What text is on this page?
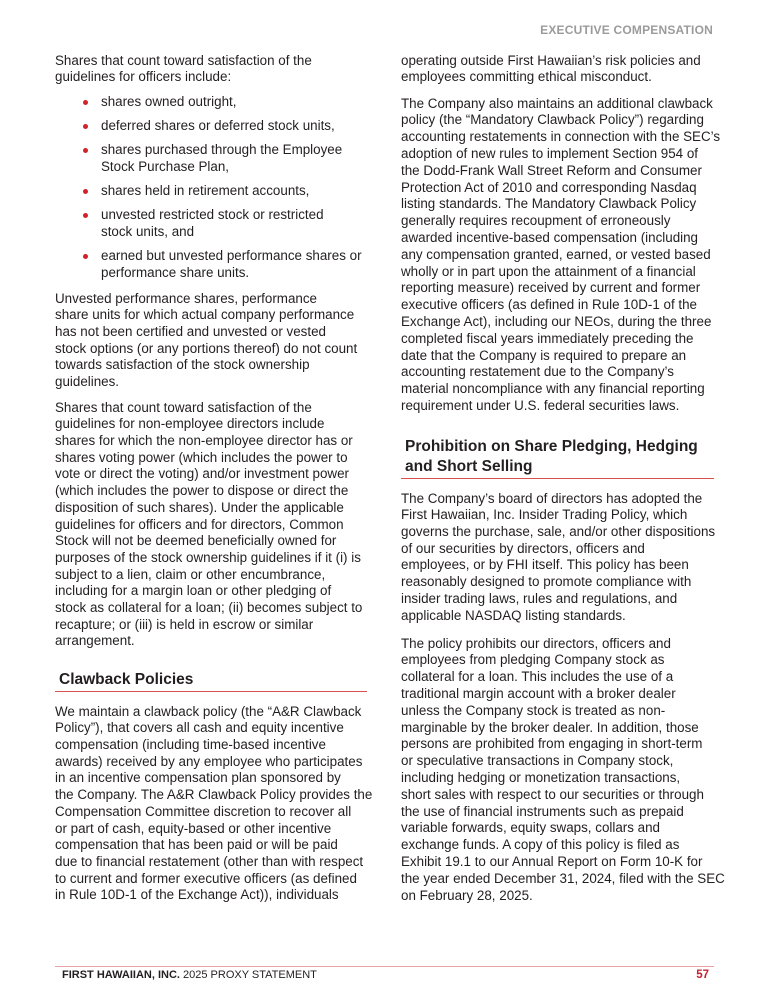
EXECUTIVE COMPENSATION
Shares that count toward satisfaction of the
guidelines for officers include:
shares owned outright,
deferred shares or deferred stock units,
shares purchased through the Employee
Stock Purchase Plan,
shares held in retirement accounts,
unvested restricted stock or restricted
stock units, and
earned but unvested performance shares or
performance share units.
Unvested performance shares, performance
share units for which actual company performance
has not been certified and unvested or vested
stock options (or any portions thereof) do not count
towards satisfaction of the stock ownership
guidelines.
Shares that count toward satisfaction of the
guidelines for non-employee directors include
shares for which the non-employee director has or
shares voting power (which includes the power to
vote or direct the voting) and/or investment power
(which includes the power to dispose or direct the
disposition of such shares). Under the applicable
guidelines for officers and for directors, Common
Stock will not be deemed beneficially owned for
purposes of the stock ownership guidelines if it (i) is
subject to a lien, claim or other encumbrance,
including for a margin loan or other pledging of
stock as collateral for a loan; (ii) becomes subject to
recapture; or (iii) is held in escrow or similar
arrangement.
Clawback Policies
We maintain a clawback policy (the “A&R Clawback
Policy”), that covers all cash and equity incentive
compensation (including time-based incentive
awards) received by any employee who participates
in an incentive compensation plan sponsored by
the Company. The A&R Clawback Policy provides the
Compensation Committee discretion to recover all
or part of cash, equity-based or other incentive
compensation that has been paid or will be paid
due to financial restatement (other than with respect
to current and former executive officers (as defined
in Rule 10D-1 of the Exchange Act)), individuals
operating outside First Hawaiian’s risk policies and
employees committing ethical misconduct.
The Company also maintains an additional clawback
policy (the “Mandatory Clawback Policy”) regarding
accounting restatements in connection with the SEC’s
adoption of new rules to implement Section 954 of
the Dodd-Frank Wall Street Reform and Consumer
Protection Act of 2010 and corresponding Nasdaq
listing standards. The Mandatory Clawback Policy
generally requires recoupment of erroneously
awarded incentive-based compensation (including
any compensation granted, earned, or vested based
wholly or in part upon the attainment of a financial
reporting measure) received by current and former
executive officers (as defined in Rule 10D-1 of the
Exchange Act), including our NEOs, during the three
completed fiscal years immediately preceding the
date that the Company is required to prepare an
accounting restatement due to the Company’s
material noncompliance with any financial reporting
requirement under U.S. federal securities laws.
Prohibition on Share Pledging, Hedging
and Short Selling
The Company’s board of directors has adopted the
First Hawaiian, Inc. Insider Trading Policy, which
governs the purchase, sale, and/or other dispositions
of our securities by directors, officers and
employees, or by FHI itself. This policy has been
reasonably designed to promote compliance with
insider trading laws, rules and regulations, and
applicable NASDAQ listing standards.
The policy prohibits our directors, officers and
employees from pledging Company stock as
collateral for a loan. This includes the use of a
traditional margin account with a broker dealer
unless the Company stock is treated as non-
marginable by the broker dealer. In addition, those
persons are prohibited from engaging in short-term
or speculative transactions in Company stock,
including hedging or monetization transactions,
short sales with respect to our securities or through
the use of financial instruments such as prepaid
variable forwards, equity swaps, collars and
exchange funds. A copy of this policy is filed as
Exhibit 19.1 to our Annual Report on Form 10-K for
the year ended December 31, 2024, filed with the SEC
on February 28, 2025.
FIRST HAWAIIAN, INC. 2025 PROXY STATEMENT	57
